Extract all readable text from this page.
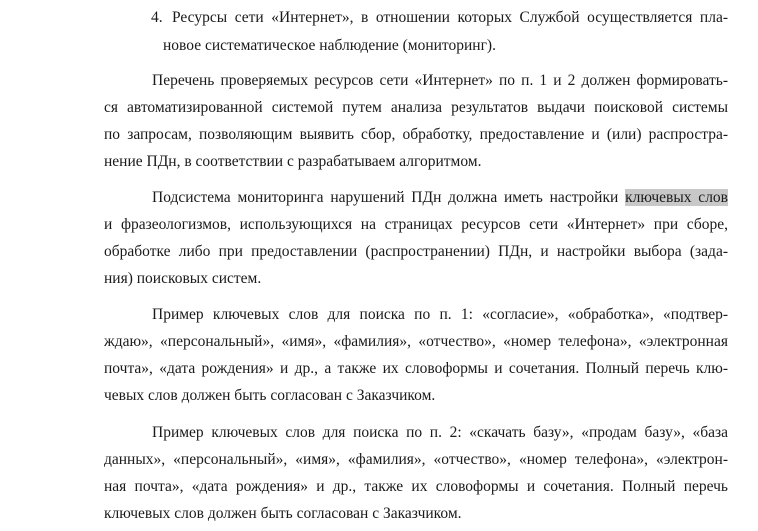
4. Ресурсы сети «Интернет», в отношении которых Службой осуществляется пла-
новое систематическое наблюдение (мониторинг).
Перечень проверяемых ресурсов сети «Интернет» по п. 1 и 2 должен формировать-
ся автоматизированной системой путем анализа результатов выдачи поисковой системы
по запросам, позволяющим выявить сбор, обработку, предоставление и (или) распростра-
нение ПДн, в соответствии с разрабатываем алгоритмом.
Подсистема мониторинга нарушений ПДн должна иметь настройки ключевых слов
и фразеологизмов, использующихся на страницах ресурсов сети «Интернет» при сборе,
обработке либо при предоставлении (распространении) ПДн, и настройки выбора (зада-
ния) поисковых систем.
Пример ключевых слов для поиска по п. 1: «согласие», «обработка», «подтвер-
ждаю», «персональный», «имя», «фамилия», «отчество», «номер телефона», «электронная
почта», «дата рождения» и др., а также их словоформы и сочетания. Полный перечь клю-
чевых слов должен быть согласован с Заказчиком.
Пример ключевых слов для поиска по п. 2: «скачать базу», «продам базу», «база
данных», «персональный», «имя», «фамилия», «отчество», «номер телефона», «электрон-
ная почта», «дата рождения» и др., также их словоформы и сочетания. Полный перечь
ключевых слов должен быть согласован с Заказчиком.
